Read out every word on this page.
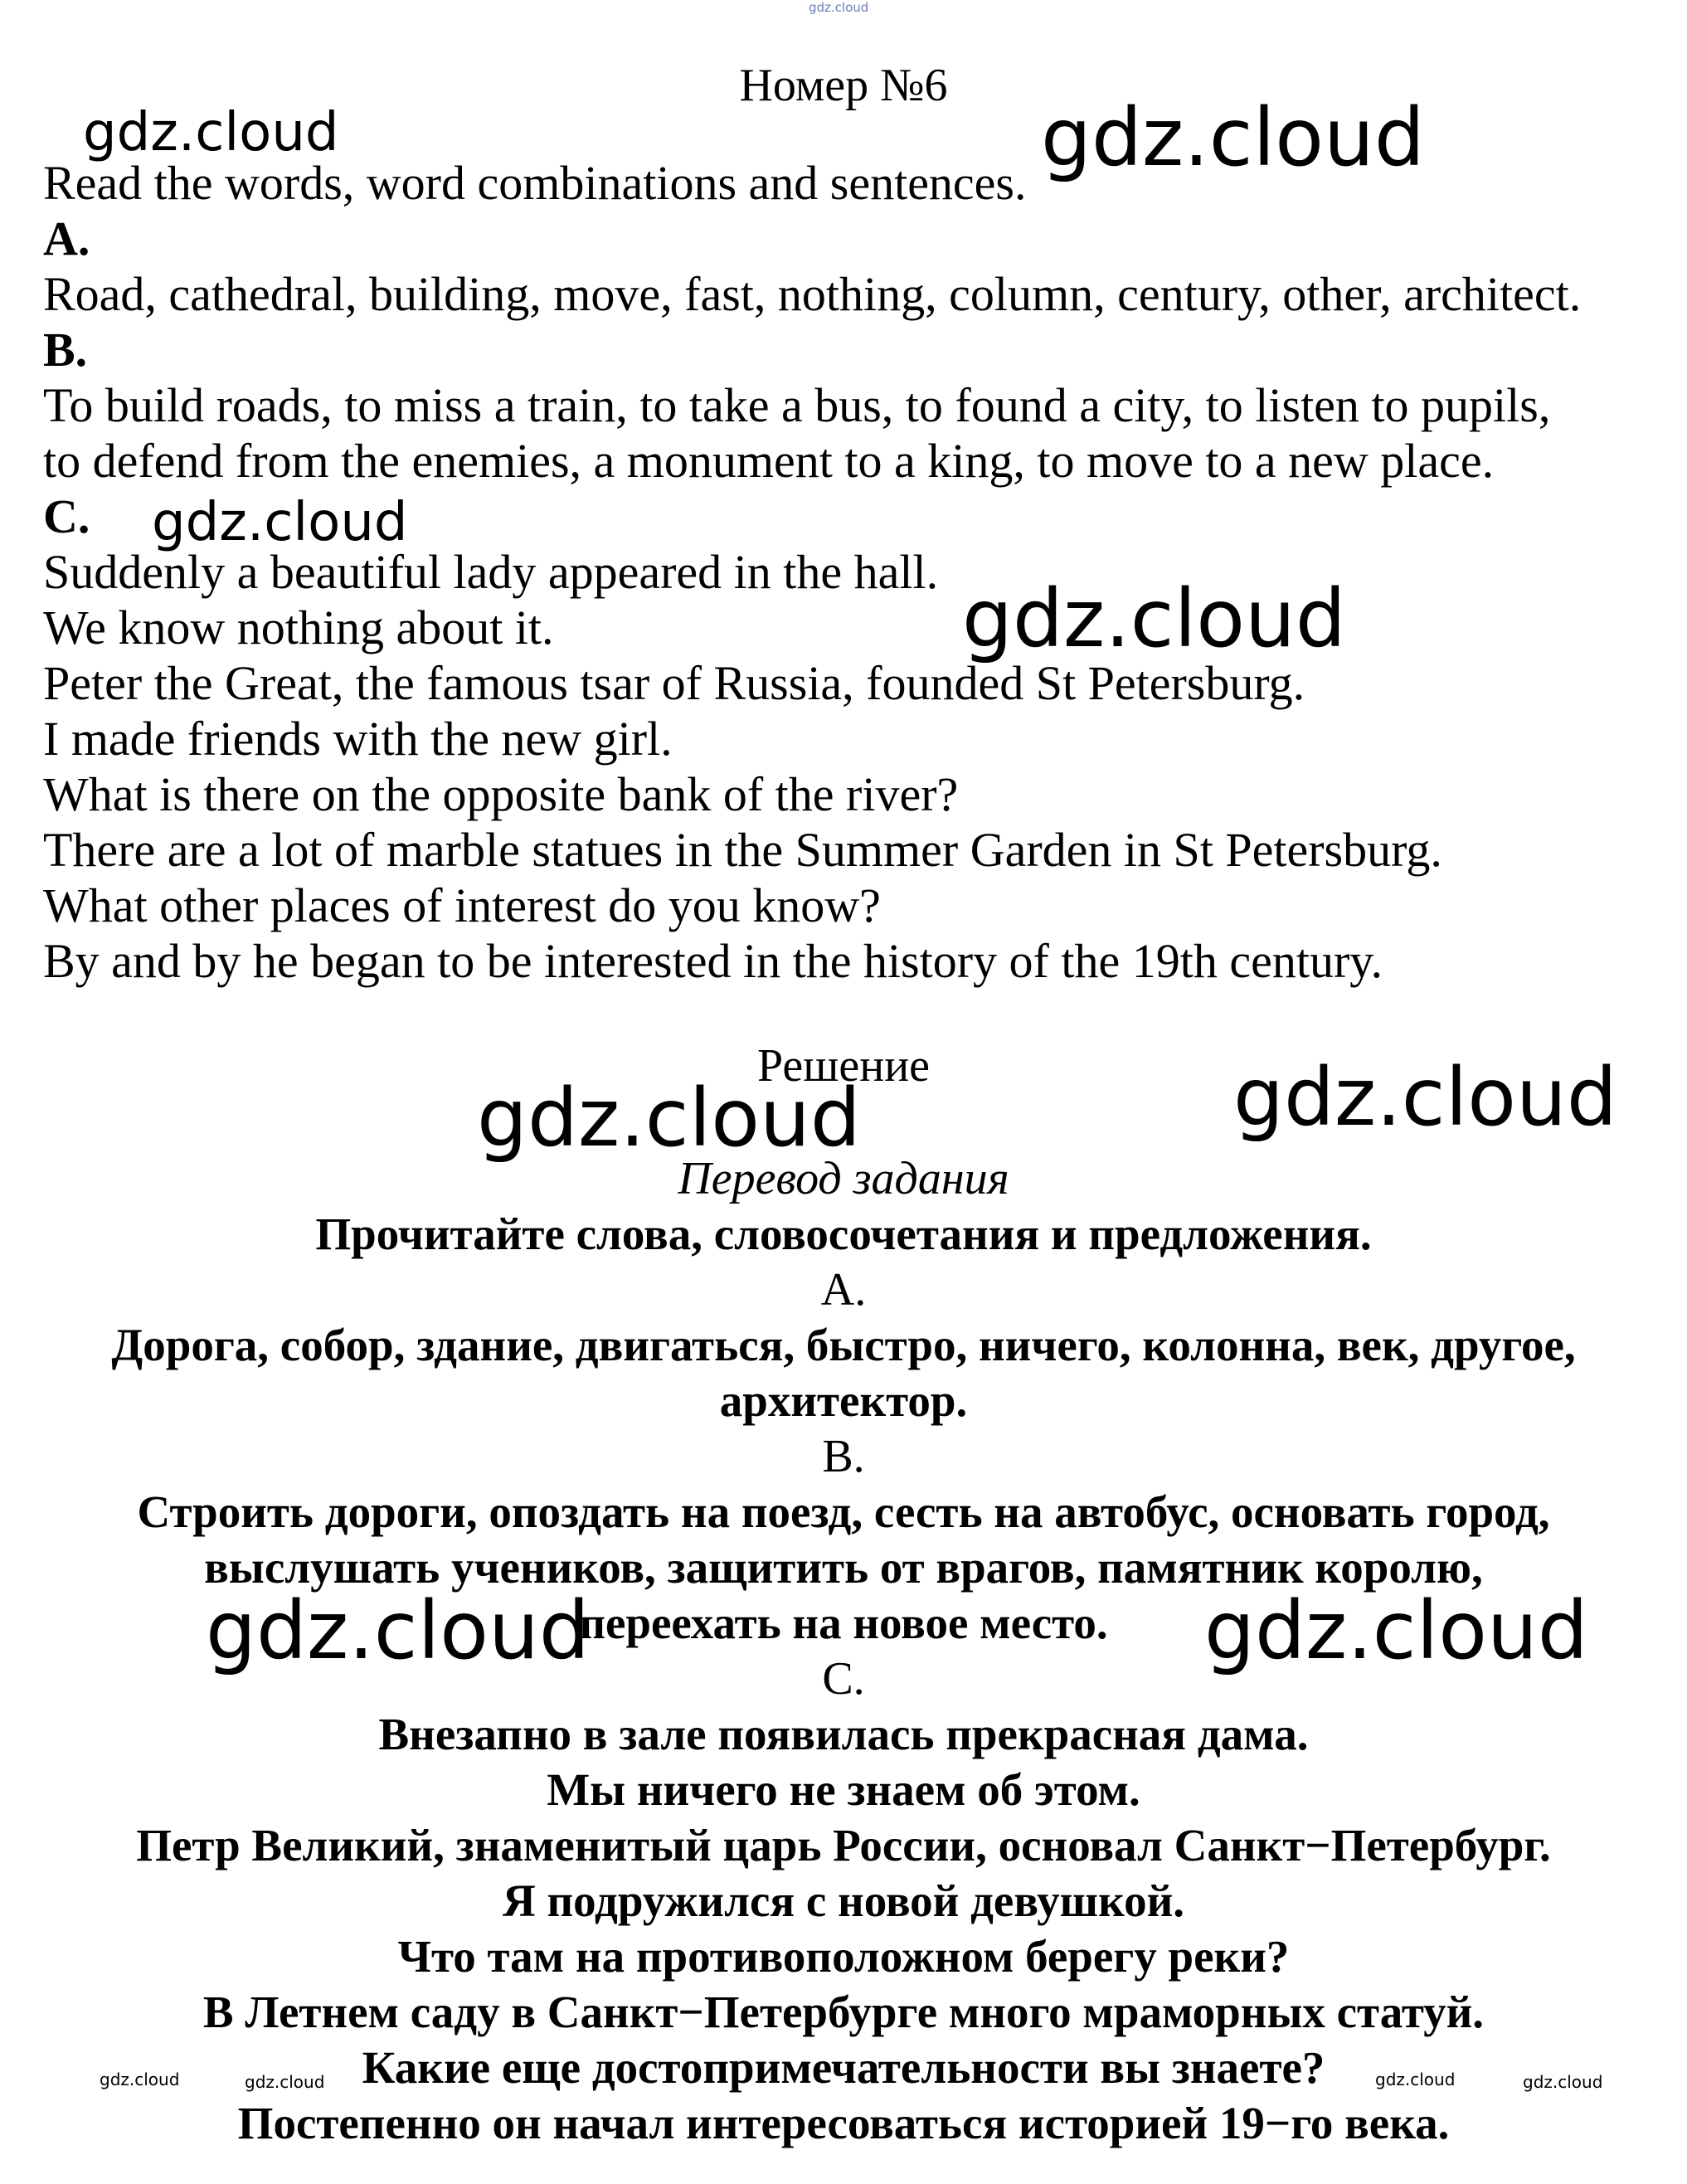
gdz.cloud
Номер №6
Read the words, word combinations and sentences.
A.
Road, cathedral, building, move, fast, nothing, column, century, other, architect.
B.
To build roads, to miss a train, to take a bus, to found a city, to listen to pupils,
to defend from the enemies, a monument to a king, to move to a new place.
C.
Suddenly a beautiful lady appeared in the hall.
We know nothing about it.
Peter the Great, the famous tsar of Russia, founded St Petersburg.
I made friends with the new girl.
What is there on the opposite bank of the river?
There are a lot of marble statues in the Summer Garden in St Petersburg.
What other places of interest do you know?
By and by he began to be interested in the history of the 19th century.
Решение
Перевод задания
Прочитайте слова, словосочетания и предложения.
A.
Дорога, собор, здание, двигаться, быстро, ничего, колонна, век, другое,
архитектор.
B.
Строить дороги, опоздать на поезд, сесть на автобус, основать город,
выслушать учеников, защитить от врагов, памятник королю,
переехать на новое место.
C.
Внезапно в зале появилась прекрасная дама.
Мы ничего не знаем об этом.
Петр Великий, знаменитый царь России, основал Санкт−Петербург.
Я подружился с новой девушкой.
Что там на противоположном берегу реки?
В Летнем саду в Санкт−Петербурге много мраморных статуй.
Какие еще достопримечательности вы знаете?
Постепенно он начал интересоваться историей 19−го века.
gdz.cloud	gdz.cloud
gdz.cloud
gdz.cloud
gdz.cloud	gdz.cloud
gdz.cloud	gdz.cloud
gdz.cloud	gdz.cloud	gdz.cloud	gdz.cloud
